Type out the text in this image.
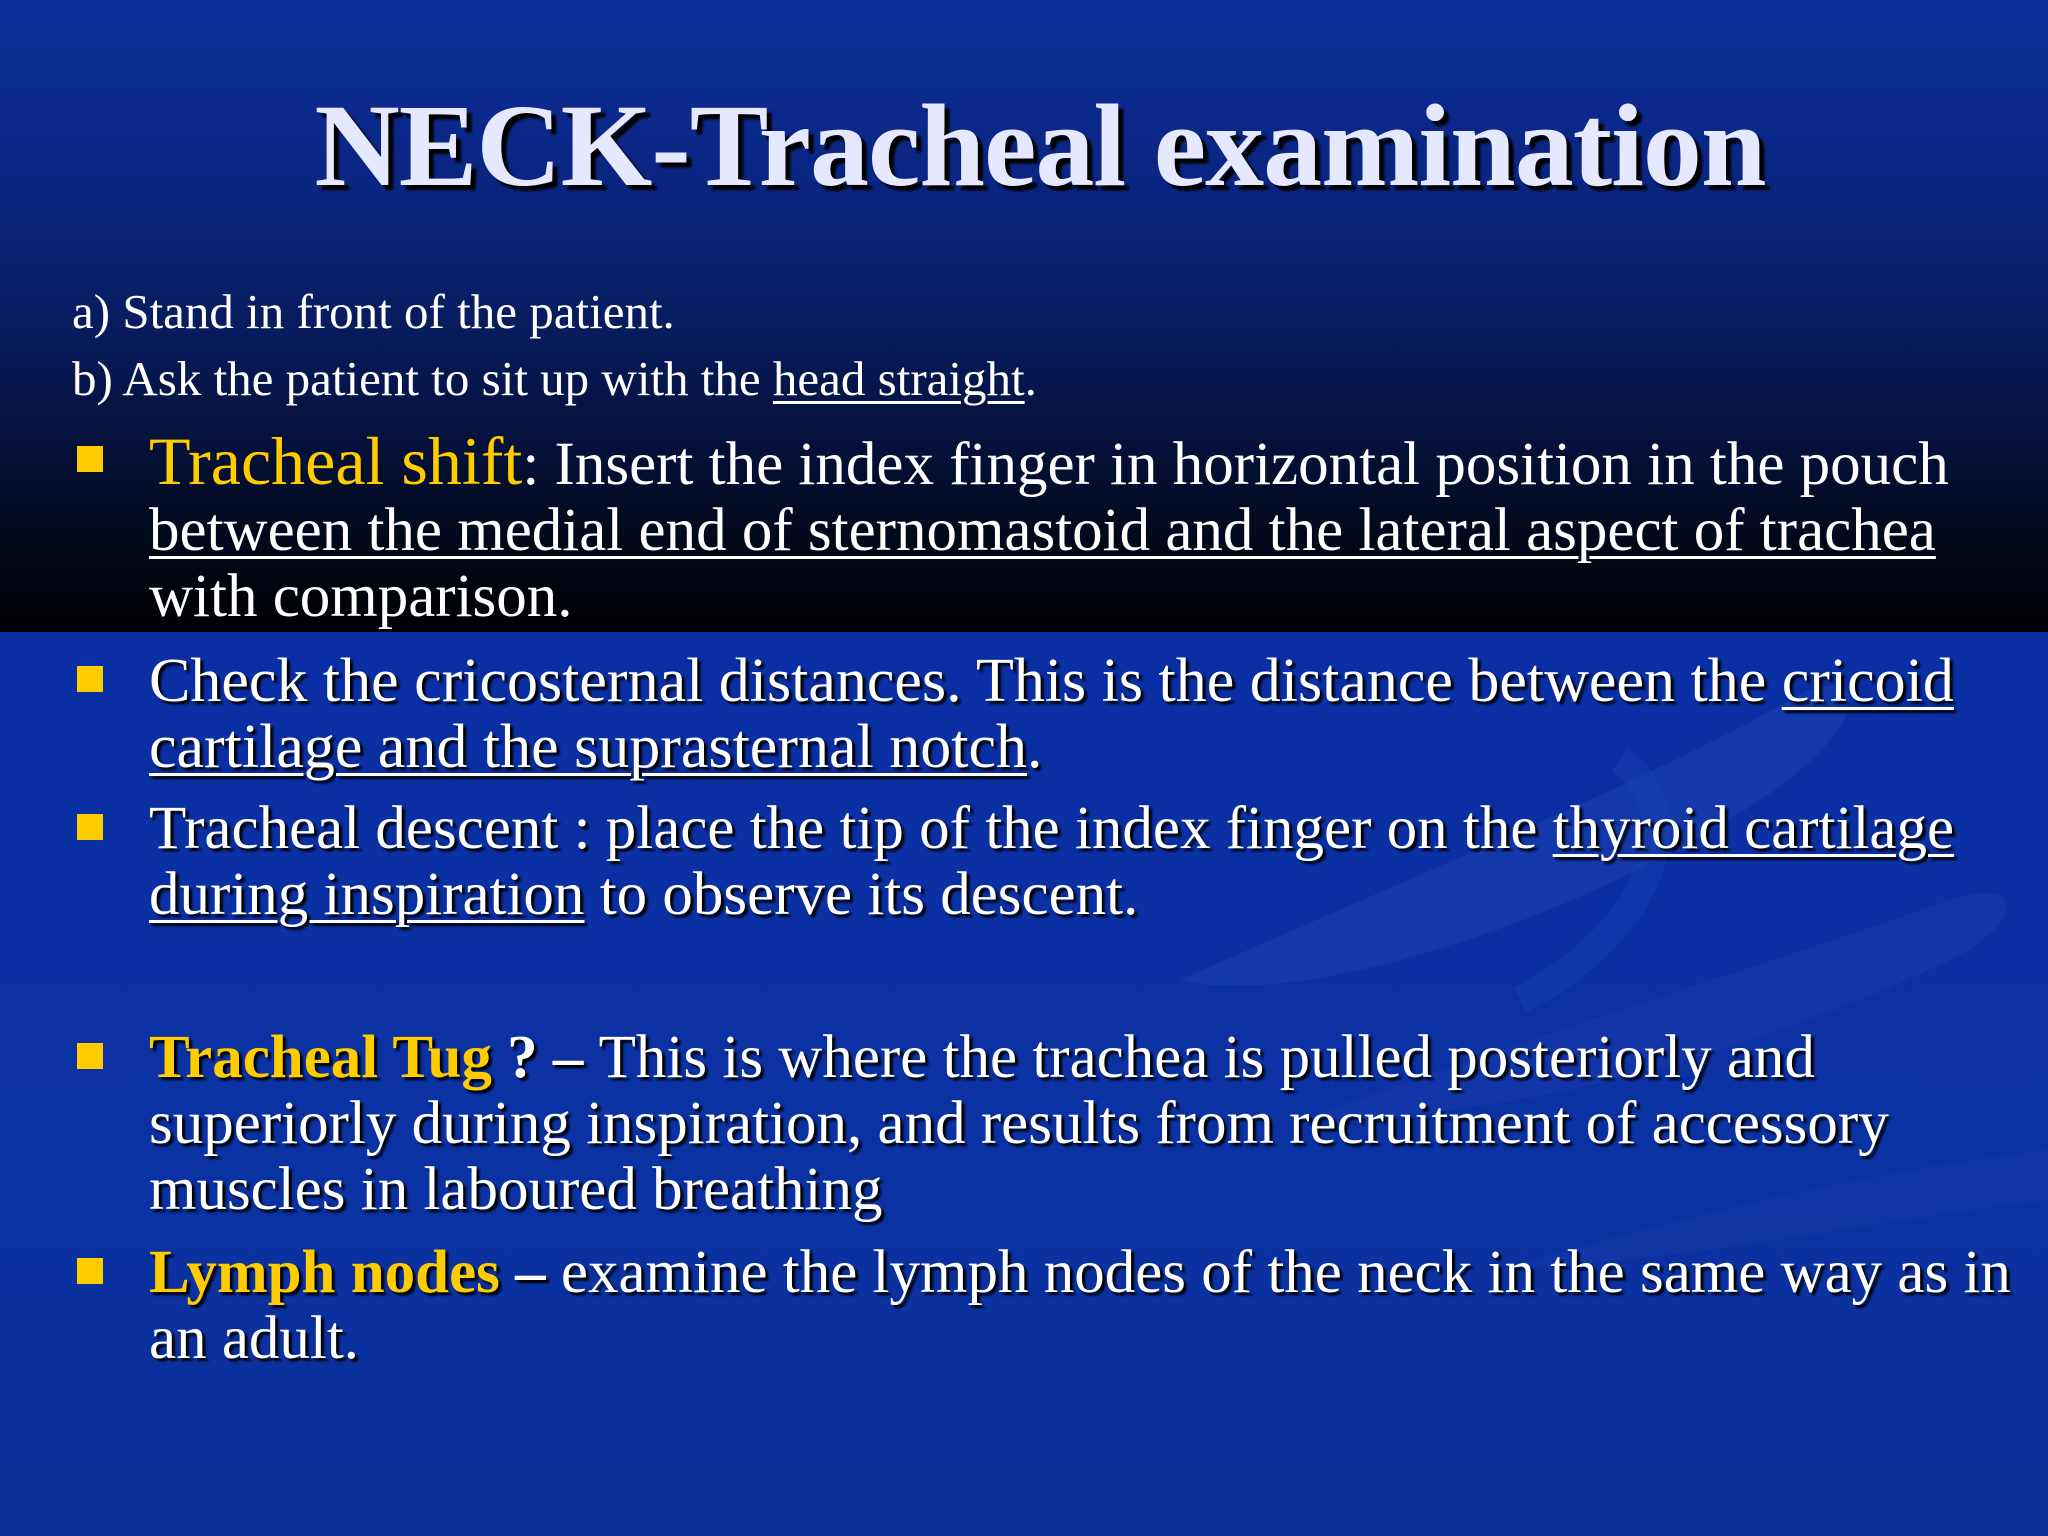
NECK-Tracheal examination
a) Stand in front of the patient.
b) Ask the patient to sit up with the head straight.
Tracheal shift: Insert the index finger in horizontal position in the pouch between the medial end of sternomastoid and the lateral aspect of trachea with comparison.
Check the cricosternal distances. This is the distance between the cricoid cartilage and the suprasternal notch.
Tracheal descent : place the tip of the index finger on the thyroid cartilage during inspiration to observe its descent.
Tracheal Tug ? – This is where the trachea is pulled posteriorly and superiorly during inspiration, and results from recruitment of accessory muscles in laboured breathing
Lymph nodes – examine the lymph nodes of the neck in the same way as in an adult.
